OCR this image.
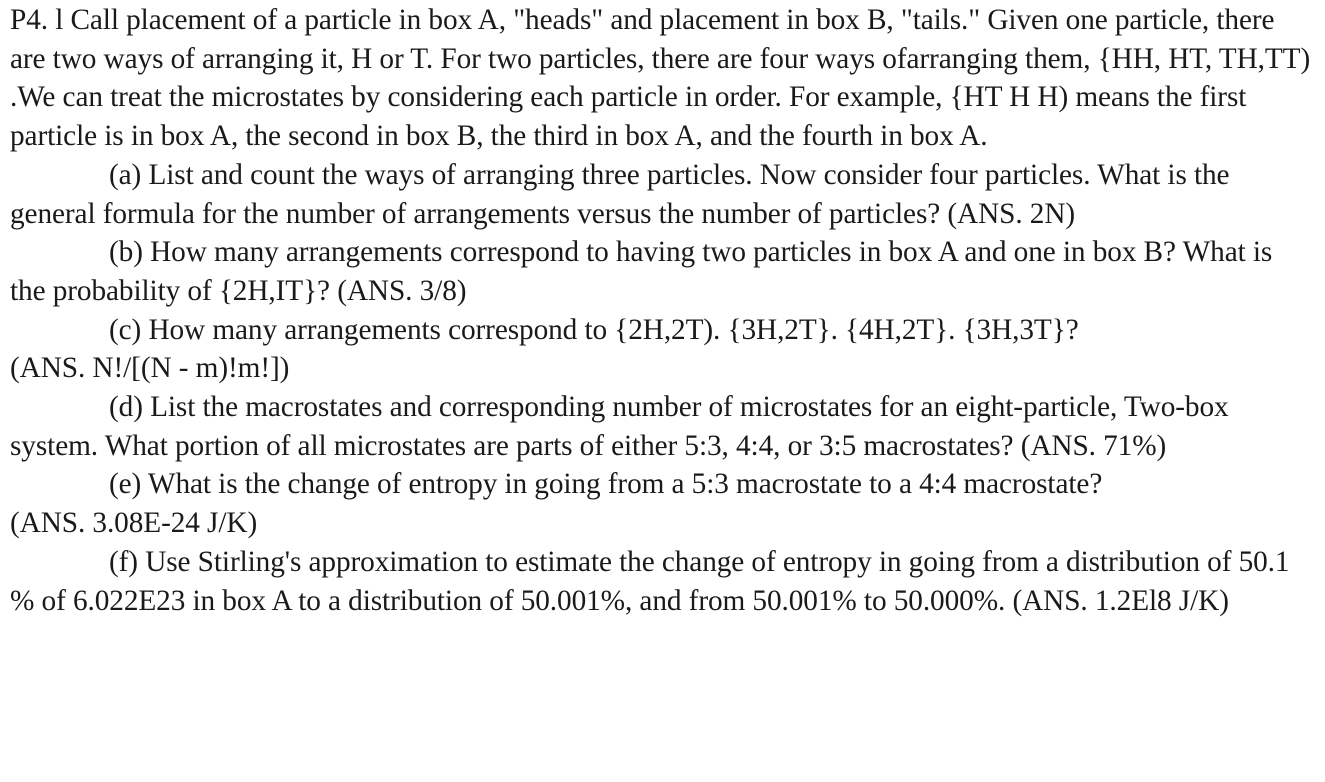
P4. l Call placement of a particle in box A, "heads" and placement in box B, "tails." Given one particle, there are two ways of arranging it, H or T. For two particles, there are four ways ofarranging them, {HH, HT, TH,TT) .We can treat the microstates by considering each particle in order. For example, {HT H H) means the first particle is in box A, the second in box B, the third in box A, and the fourth in box A.

(a) List and count the ways of arranging three particles. Now consider four particles. What is the general formula for the number of arrangements versus the number of particles? (ANS. 2N)

(b) How many arrangements correspond to having two particles in box A and one in box B? What is the probability of {2H,IT}? (ANS. 3/8)

(c) How many arrangements correspond to {2H,2T). {3H,2T}. {4H,2T}. {3H,3T}? (ANS. N!/[(N - m)!m!])

(d) List the macrostates and corresponding number of microstates for an eight-particle, Two-box system. What portion of all microstates are parts of either 5:3, 4:4, or 3:5 macrostates? (ANS. 71%)

(e) What is the change of entropy in going from a 5:3 macrostate to a 4:4 macrostate? (ANS. 3.08E-24 J/K)

(f) Use Stirling's approximation to estimate the change of entropy in going from a distribution of 50.1 % of 6.022E23 in box A to a distribution of 50.001%, and from 50.001% to 50.000%. (ANS. 1.2El8 J/K)
